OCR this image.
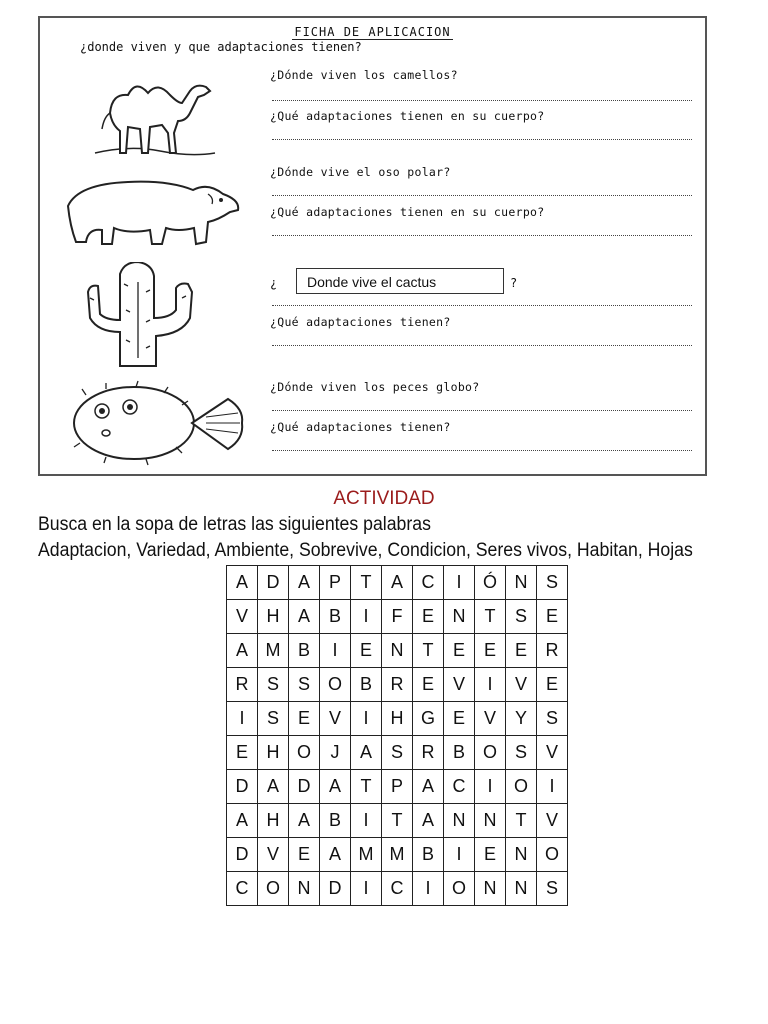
FICHA DE APLICACION
¿donde viven y que adaptaciones tienen?
¿Dónde viven los camellos?
¿Qué adaptaciones tienen en su cuerpo?
¿Dónde vive el oso polar?
¿Qué adaptaciones tienen en su cuerpo?
¿	Donde vive el cactus	?
¿Qué adaptaciones tienen?
¿Dónde viven los peces globo?
¿Qué adaptaciones tienen?
ACTIVIDAD
Busca en la sopa de letras las siguientes palabras
Adaptacion, Variedad, Ambiente, Sobrevive, Condicion, Seres vivos, Habitan, Hojas
A	D	A	P	T	A	C	I	Ó	N	S
V	H	A	B	I	F	E	N	T	S	E
A	M	B	I	E	N	T	E	E	E	R
R	S	S	O	B	R	E	V	I	V	E
I	S	E	V	I	H	G	E	V	Y	S
E	H	O	J	A	S	R	B	O	S	V
D	A	D	A	T	P	A	C	I	O	I
A	H	A	B	I	T	A	N	N	T	V
D	V	E	A	M	M	B	I	E	N	O
C	O	N	D	I	C	I	O	N	N	S
